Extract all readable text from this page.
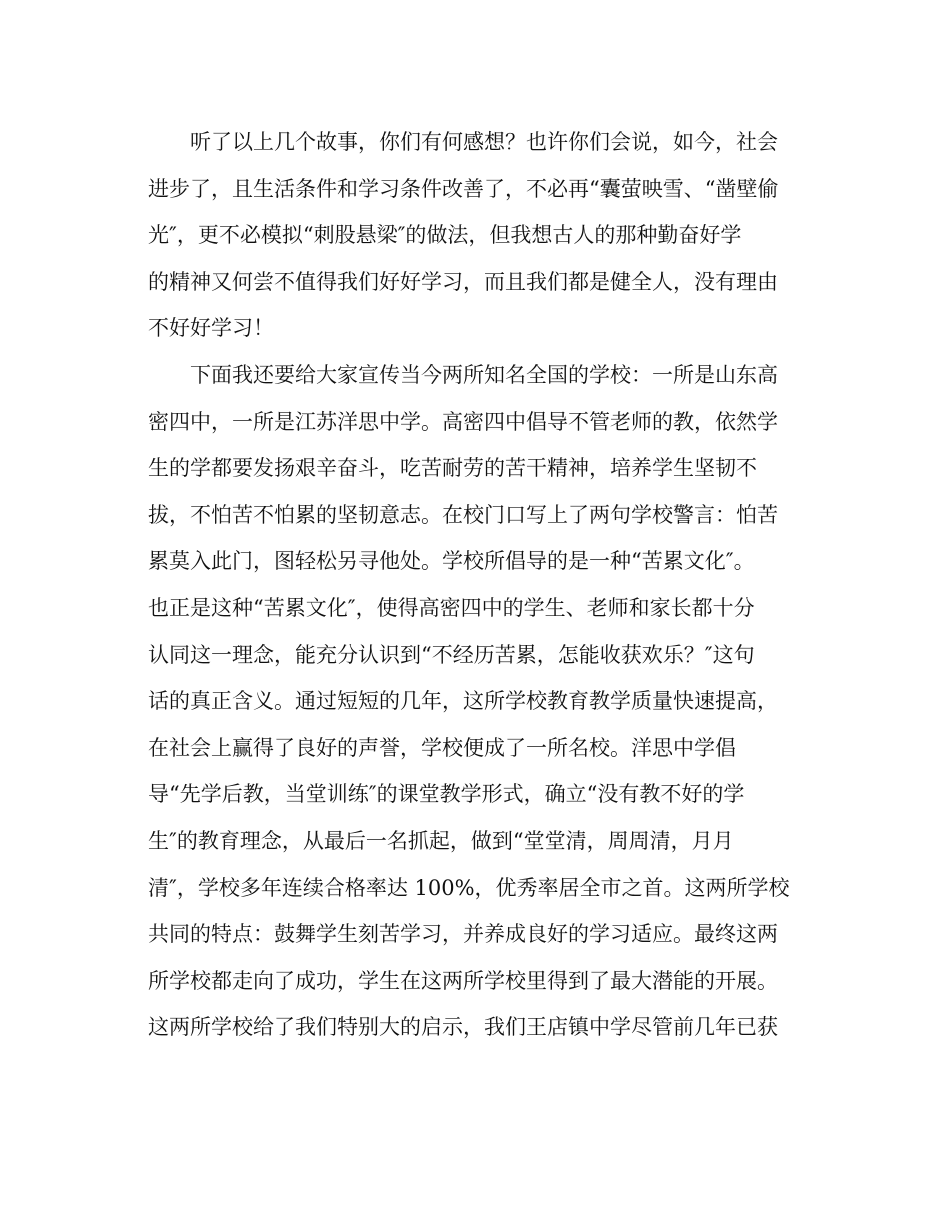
听了以上几个故事，你们有何感想？也许你们会说，如今，社会
进步了，且生活条件和学习条件改善了，不必再“囊萤映雪、“凿壁偷
光″，更不必模拟“刺股悬梁″的做法，但我想古人的那种勤奋好学
的精神又何尝不值得我们好好学习，而且我们都是健全人，没有理由
不好好学习！
下面我还要给大家宣传当今两所知名全国的学校：一所是山东高
密四中，一所是江苏洋思中学。高密四中倡导不管老师的教，依然学
生的学都要发扬艰辛奋斗，吃苦耐劳的苦干精神，培养学生坚韧不
拔，不怕苦不怕累的坚韧意志。在校门口写上了两句学校警言：怕苦
累莫入此门，图轻松另寻他处。学校所倡导的是一种“苦累文化″。
也正是这种“苦累文化″，使得高密四中的学生、老师和家长都十分
认同这一理念，能充分认识到“不经历苦累，怎能收获欢乐？″这句
话的真正含义。通过短短的几年，这所学校教育教学质量快速提高，
在社会上赢得了良好的声誉，学校便成了一所名校。洋思中学倡
导“先学后教，当堂训练″的课堂教学形式，确立“没有教不好的学
生″的教育理念，从最后一名抓起，做到“堂堂清，周周清，月月
清″，学校多年连续合格率达 100%，优秀率居全市之首。这两所学校
共同的特点：鼓舞学生刻苦学习，并养成良好的学习适应。最终这两
所学校都走向了成功，学生在这两所学校里得到了最大潜能的开展。
这两所学校给了我们特别大的启示，我们王店镇中学尽管前几年已获
